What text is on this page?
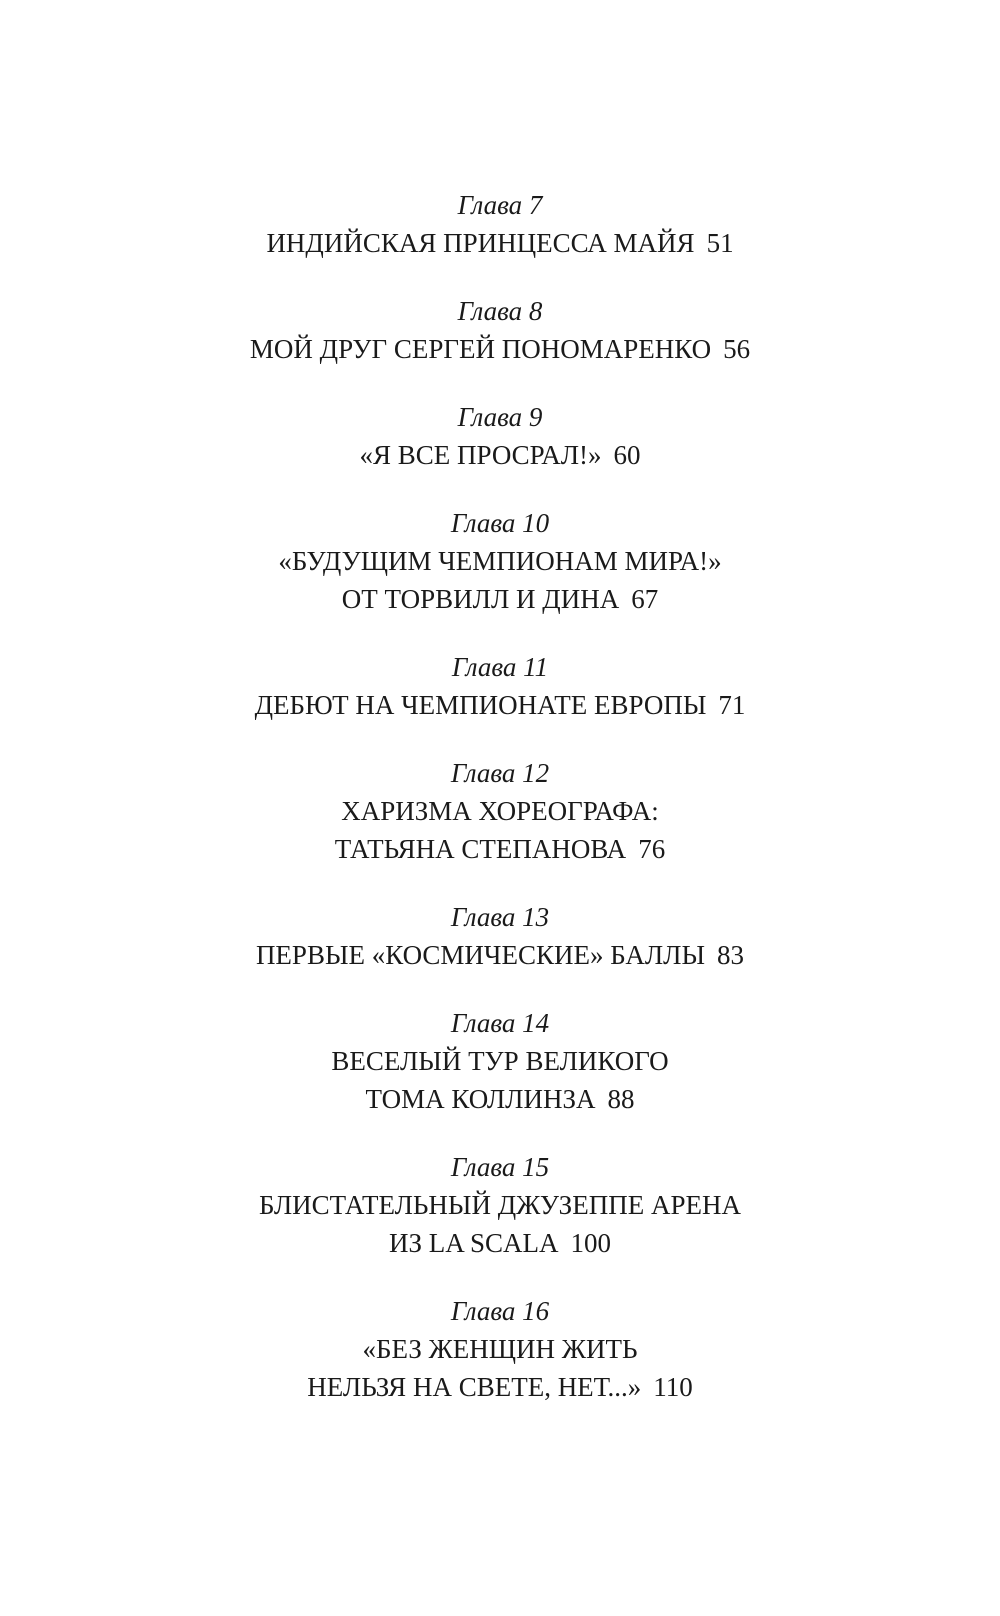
Глава 7
ИНДИЙСКАЯ ПРИНЦЕССА МАЙЯ 51
Глава 8
МОЙ ДРУГ СЕРГЕЙ ПОНОМАРЕНКО 56
Глава 9
«Я ВСЕ ПРОСРАЛ!» 60
Глава 10
«БУДУЩИМ ЧЕМПИОНАМ МИРА!»
ОТ ТОРВИЛЛ И ДИНА 67
Глава 11
ДЕБЮТ НА ЧЕМПИОНАТЕ ЕВРОПЫ 71
Глава 12
ХАРИЗМА ХОРЕОГРАФА:
ТАТЬЯНА СТЕПАНОВА 76
Глава 13
ПЕРВЫЕ «КОСМИЧЕСКИЕ» БАЛЛЫ 83
Глава 14
ВЕСЕЛЫЙ ТУР ВЕЛИКОГО
ТОМА КОЛЛИНЗА 88
Глава 15
БЛИСТАТЕЛЬНЫЙ ДЖУЗЕППЕ АРЕНА
ИЗ LA SCALA 100
Глава 16
«БЕЗ ЖЕНЩИН ЖИТЬ
НЕЛЬЗЯ НА СВЕТЕ, НЕТ...» 110
